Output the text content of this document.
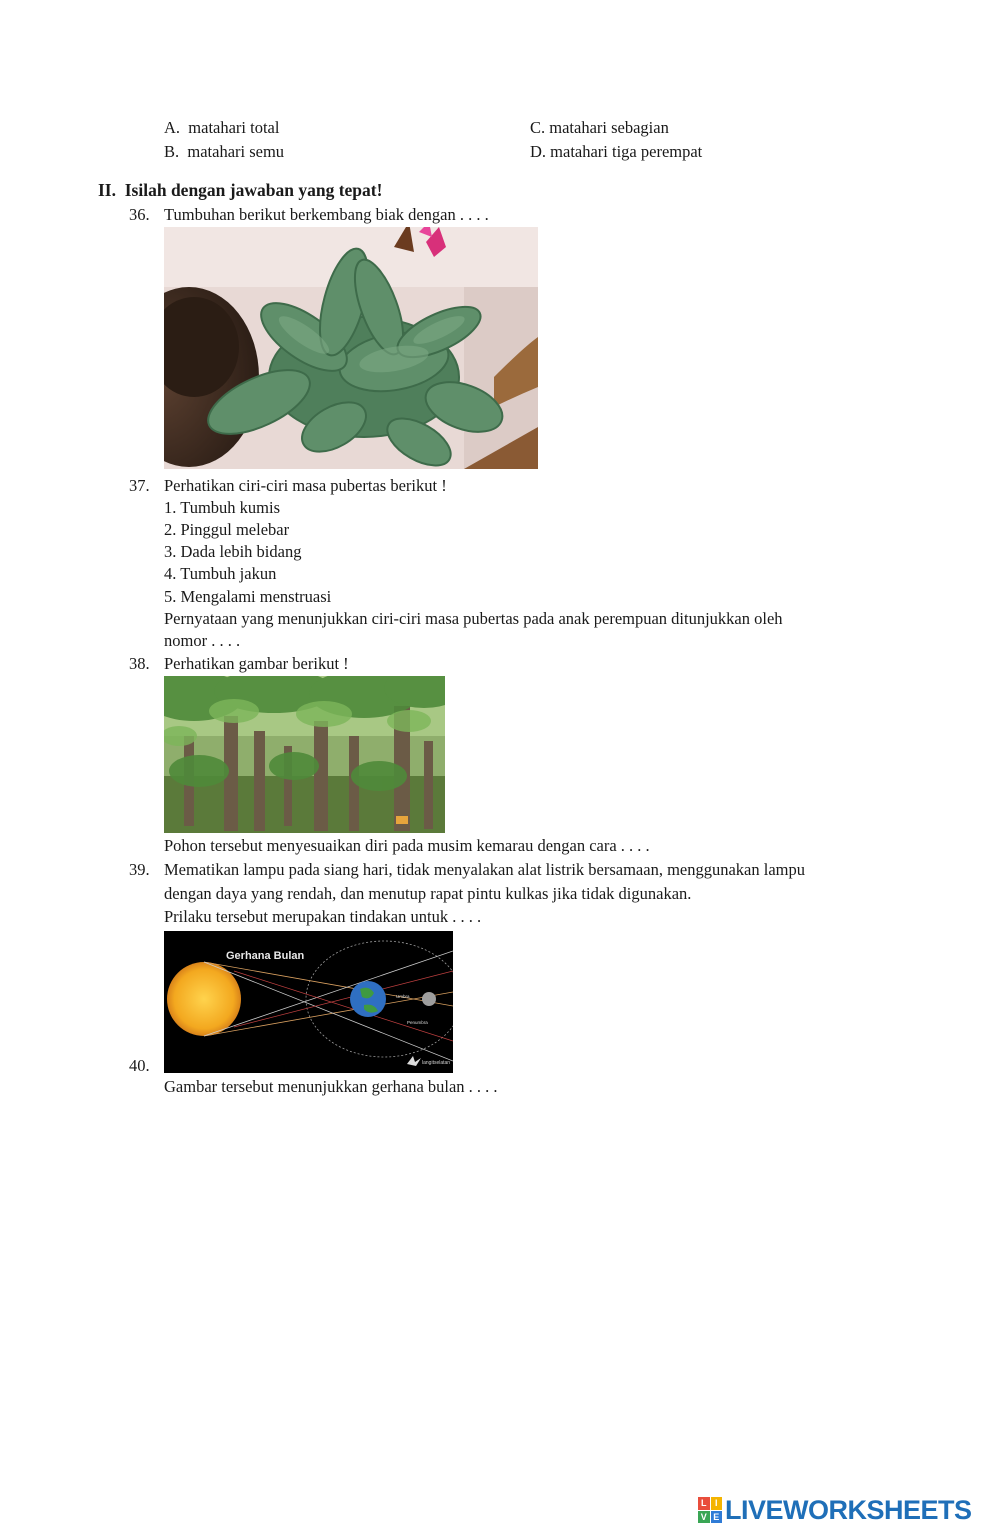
A. matahari total
B. matahari semu
C. matahari sebagian
D. matahari tiga perempat
II. Isilah dengan jawaban yang tepat!
36. Tumbuhan berikut berkembang biak dengan . . . .
37. Perhatikan ciri-ciri masa pubertas berikut !
1. Tumbuh kumis
2. Pinggul melebar
3. Dada lebih bidang
4. Tumbuh jakun
5. Mengalami menstruasi
Pernyataan yang menunjukkan ciri-ciri masa pubertas pada anak perempuan ditunjukkan oleh
nomor . . . .
38. Perhatikan gambar berikut !
Pohon tersebut menyesuaikan diri pada musim kemarau dengan cara . . . .
39. Mematikan lampu pada siang hari, tidak menyalakan alat listrik bersamaan, menggunakan lampu
dengan daya yang rendah, dan menutup rapat pintu kulkas jika tidak digunakan.
Prilaku tersebut merupakan tindakan untuk . . . .
Gerhana Bulan
Umbra
Penumbra
langitselatan
40.
Gambar tersebut menunjukkan gerhana bulan . . . .
L I
V E LIVEWORKSHEETS
